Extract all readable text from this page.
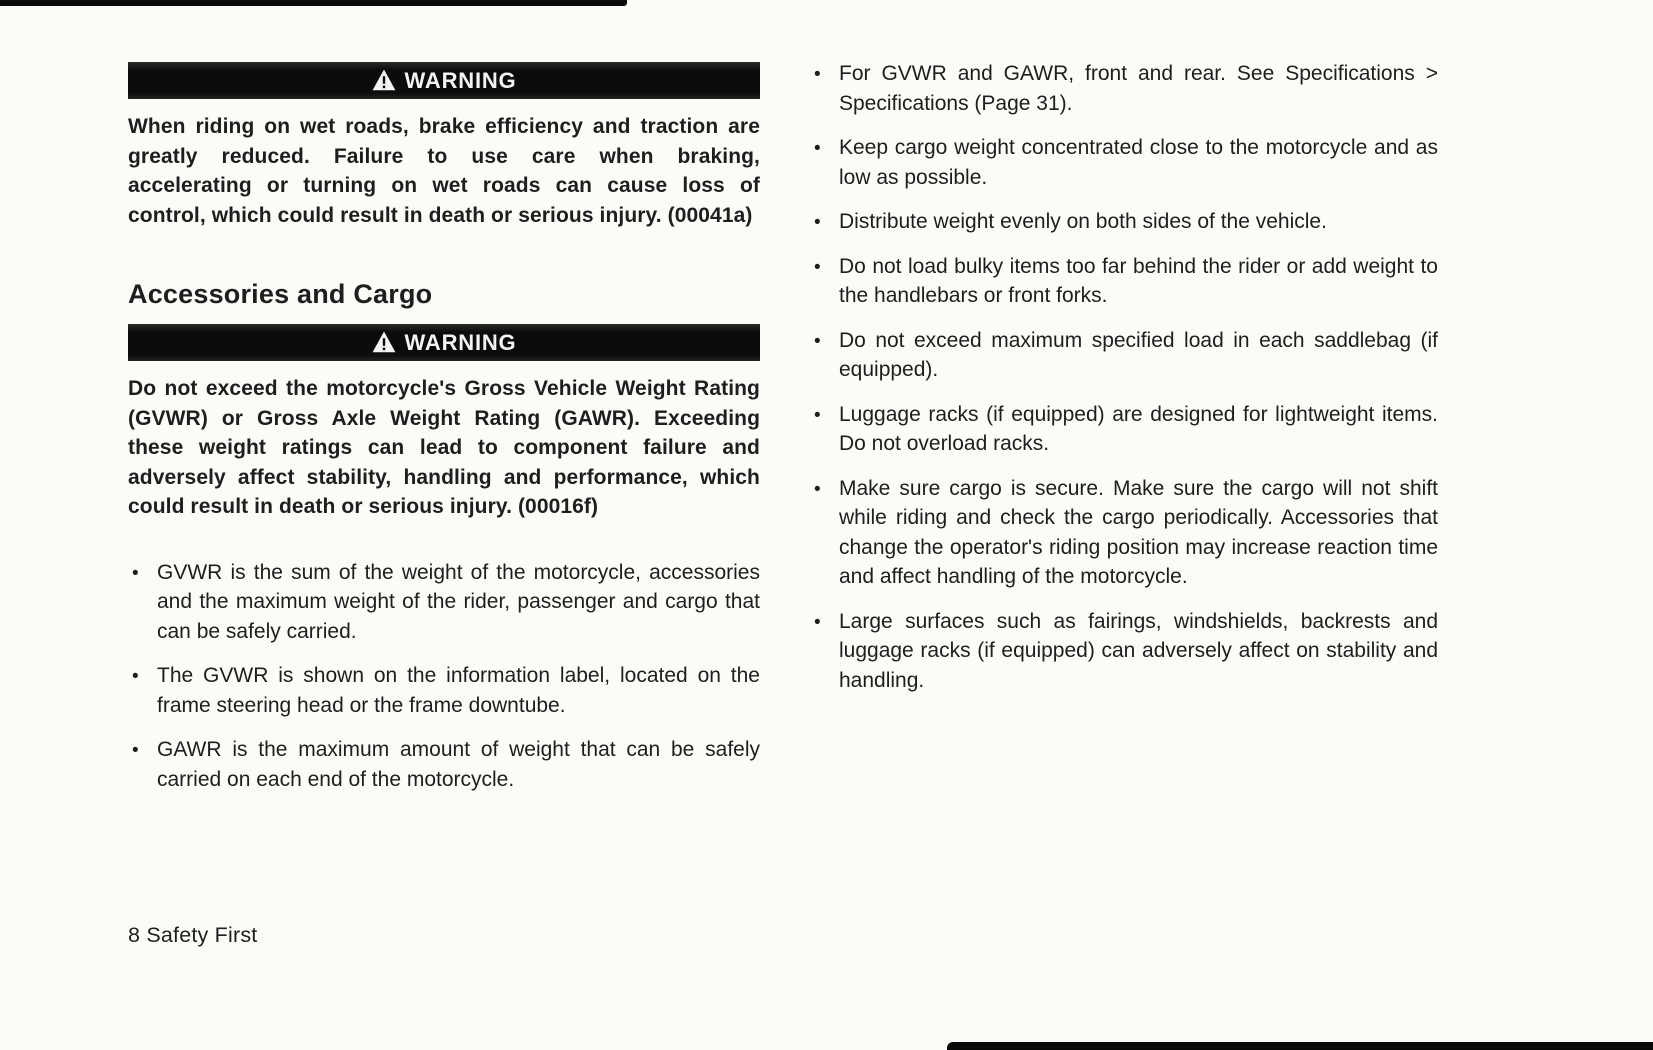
WARNING

When riding on wet roads, brake efficiency and traction are greatly reduced. Failure to use care when braking, accelerating or turning on wet roads can cause loss of control, which could result in death or serious injury. (00041a)

Accessories and Cargo
WARNING

Do not exceed the motorcycle's Gross Vehicle Weight Rating (GVWR) or Gross Axle Weight Rating (GAWR). Exceeding these weight ratings can lead to component failure and adversely affect stability, handling and performance, which could result in death or serious injury. (00016f)

•
GVWR is the sum of the weight of the motorcycle, accessories and the maximum weight of the rider, passenger and cargo that can be safely carried.
•
The GVWR is shown on the information label, located on the frame steering head or the frame downtube.
•
GAWR is the maximum amount of weight that can be safely carried on each end of the motorcycle.
•
For GVWR and GAWR, front and rear. See Specifications > Specifications (Page 31).
•
Keep cargo weight concentrated close to the motorcycle and as low as possible.
•
Distribute weight evenly on both sides of the vehicle.
•
Do not load bulky items too far behind the rider or add weight to the handlebars or front forks.
•
Do not exceed maximum specified load in each saddlebag (if equipped).
•
Luggage racks (if equipped) are designed for lightweight items. Do not overload racks.
•
Make sure cargo is secure. Make sure the cargo will not shift while riding and check the cargo periodically. Accessories that change the operator's riding position may increase reaction time and affect handling of the motorcycle.
•
Large surfaces such as fairings, windshields, backrests and luggage racks (if equipped) can adversely affect on stability and handling.
8 Safety First
